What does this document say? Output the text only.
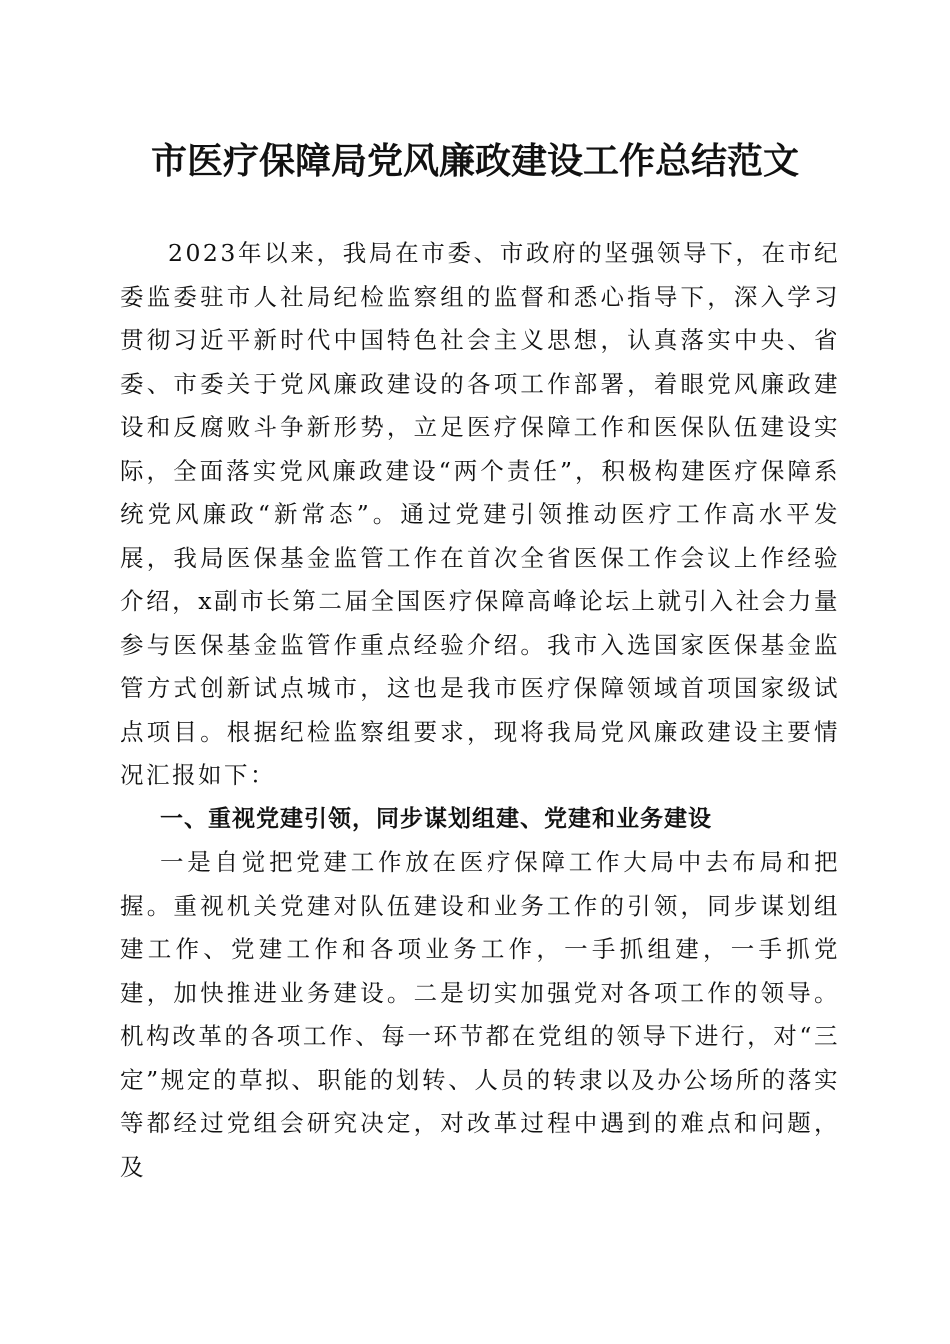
市医疗保障局党风廉政建设工作总结范文

2023年以来，我局在市委、市政府的坚强领导下，在市纪委监委驻市人社局纪检监察组的监督和悉心指导下，深入学习贯彻习近平新时代中国特色社会主义思想，认真落实中央、省委、市委关于党风廉政建设的各项工作部署，着眼党风廉政建设和反腐败斗争新形势，立足医疗保障工作和医保队伍建设实际，全面落实党风廉政建设“两个责任”，积极构建医疗保障系统党风廉政“新常态”。通过党建引领推动医疗工作高水平发展，我局医保基金监管工作在首次全省医保工作会议上作经验介绍，x副市长第二届全国医疗保障高峰论坛上就引入社会力量参与医保基金监管作重点经验介绍。我市入选国家医保基金监管方式创新试点城市，这也是我市医疗保障领域首项国家级试点项目。根据纪检监察组要求，现将我局党风廉政建设主要情况汇报如下：

一、重视党建引领，同步谋划组建、党建和业务建设

一是自觉把党建工作放在医疗保障工作大局中去布局和把握。重视机关党建对队伍建设和业务工作的引领，同步谋划组建工作、党建工作和各项业务工作，一手抓组建，一手抓党建，加快推进业务建设。二是切实加强党对各项工作的领导。机构改革的各项工作、每一环节都在党组的领导下进行，对“三定”规定的草拟、职能的划转、人员的转隶以及办公场所的落实等都经过党组会研究决定，对改革过程中遇到的难点和问题，及
